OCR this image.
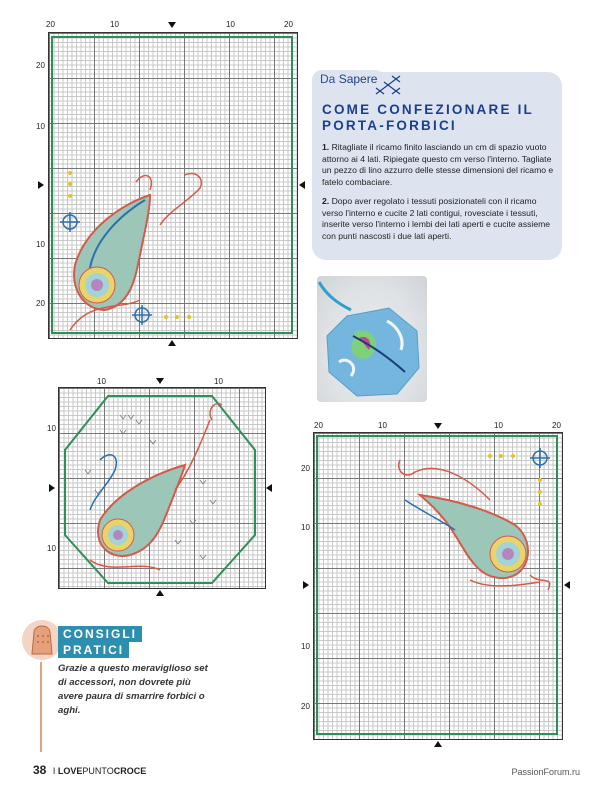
20	10	10	20
20
10
10
20
Da Sapere
COME CONFEZIONARE IL PORTA-FORBICI

1. Ritagliate il ricamo finito lasciando un cm di spazio vuoto attorno ai 4 lati. Ripiegate questo cm verso l'interno. Tagliate un pezzo di lino azzurro delle stesse dimensioni del ricamo e fatelo combaciare.

2. Dopo aver regolato i tessuti posizionateli con il ricamo verso l'interno e cucite 2 lati contigui, rovesciate i tessuti, inserite verso l'interno i lembi dei lati aperti e cucite assieme con punti nascosti i due lati aperti.

10	10
10
10
20	10	10	20
20
10
10
20
CONSIGLI
PRATICI
Grazie a questo meraviglioso set di accessori, non dovrete più avere paura di smarrire forbici o aghi.
38 I LOVEPUNTOCROCE	PassionForum.ru
